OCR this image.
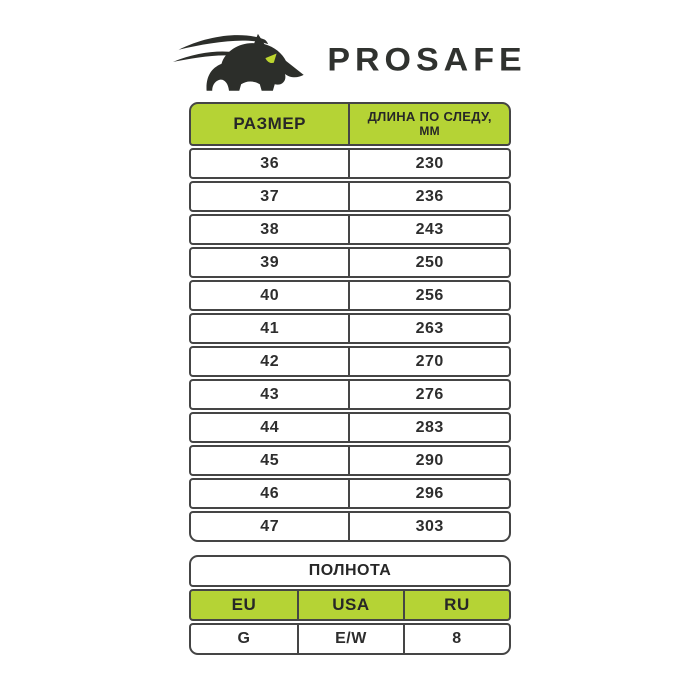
PROSAFE
РАЗМЕР	ДЛИНА ПО СЛЕДУ,
ММ
36	230
37	236
38	243
39	250
40	256
41	263
42	270
43	276
44	283
45	290
46	296
47	303
ПОЛНОТА
EU	USA	RU
G	E/W	8
